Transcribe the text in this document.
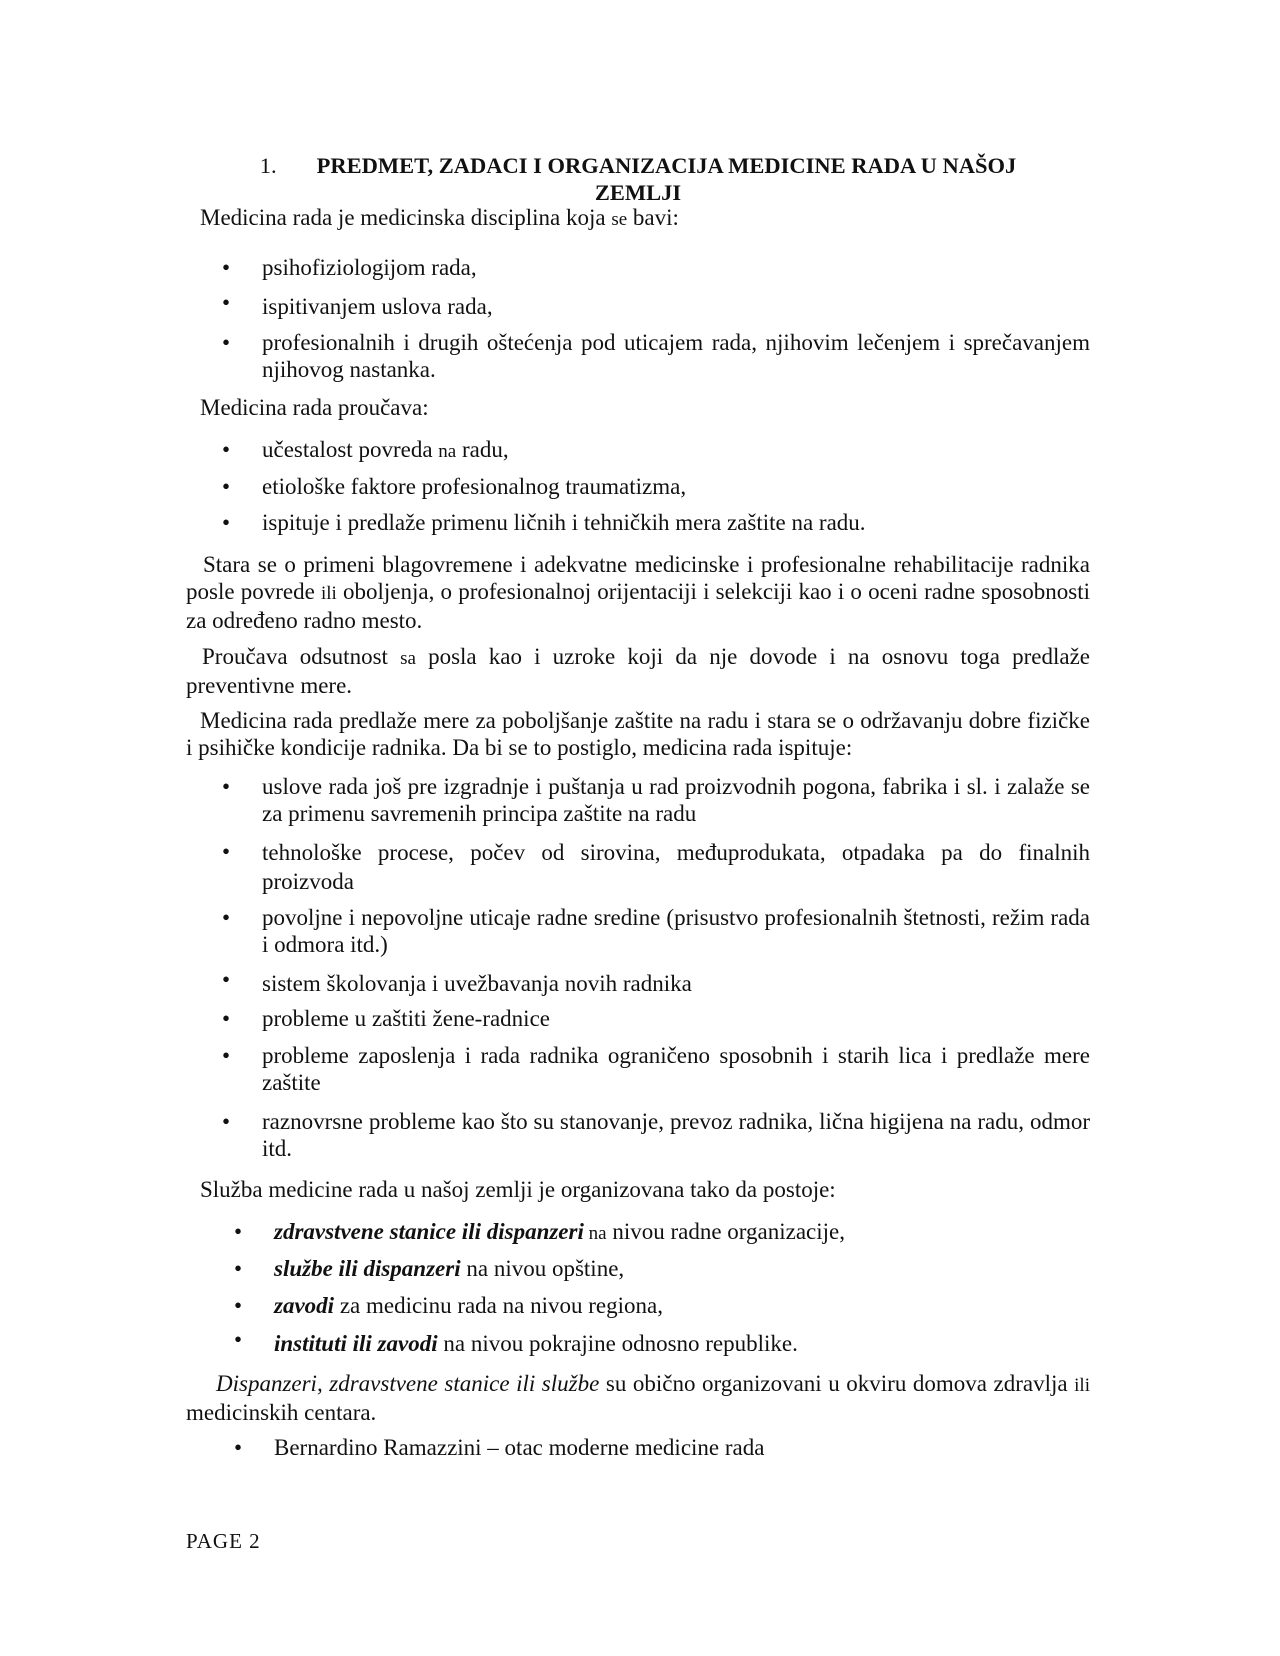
1. PREDMET, ZADACI I ORGANIZACIJA MEDICINE RADA U NAŠOJ
ZEMLJI
Medicina rada je medicinska disciplina koja se bavi:
• psihofiziologijom rada,
• ispitivanjem uslova rada,
• profesionalnih i drugih oštećenja pod uticajem rada, njihovim lečenjem i sprečavanjem njihovog nastanka.
Medicina rada proučava:
• učestalost povreda na radu,
• etiološke faktore profesionalnog traumatizma,
• ispituje i predlaže primenu ličnih i tehničkih mera zaštite na radu.
Stara se o primeni blagovremene i adekvatne medicinske i profesionalne rehabilitacije radnika posle povrede ili oboljenja, o profesionalnoj orijentaciji i selekciji kao i o oceni radne sposobnosti za određeno radno mesto.
Proučava odsutnost sa posla kao i uzroke koji da nje dovode i na osnovu toga predlaže preventivne mere.
Medicina rada predlaže mere za poboljšanje zaštite na radu i stara se o održavanju dobre fizičke i psihičke kondicije radnika. Da bi se to postiglo, medicina rada ispituje:
• uslove rada još pre izgradnje i puštanja u rad proizvodnih pogona, fabrika i sl. i zalaže se za primenu savremenih principa zaštite na radu
• tehnološke procese, počev od sirovina, međuprodukata, otpadaka pa do finalnih proizvoda
• povoljne i nepovoljne uticaje radne sredine (prisustvo profesionalnih štetnosti, režim rada i odmora itd.)
• sistem školovanja i uvežbavanja novih radnika
• probleme u zaštiti žene-radnice
• probleme zaposlenja i rada radnika ograničeno sposobnih i starih lica i predlaže mere zaštite
• raznovrsne probleme kao što su stanovanje, prevoz radnika, lična higijena na radu, odmor itd.
Služba medicine rada u našoj zemlji je organizovana tako da postoje:
• zdravstvene stanice ili dispanzeri na nivou radne organizacije,
• službe ili dispanzeri na nivou opštine,
• zavodi za medicinu rada na nivou regiona,
• instituti ili zavodi na nivou pokrajine odnosno republike.
Dispanzeri, zdravstvene stanice ili službe su obično organizovani u okviru domova zdravlja ili medicinskih centara.
• Bernardino Ramazzini – otac moderne medicine rada
PAGE 2
